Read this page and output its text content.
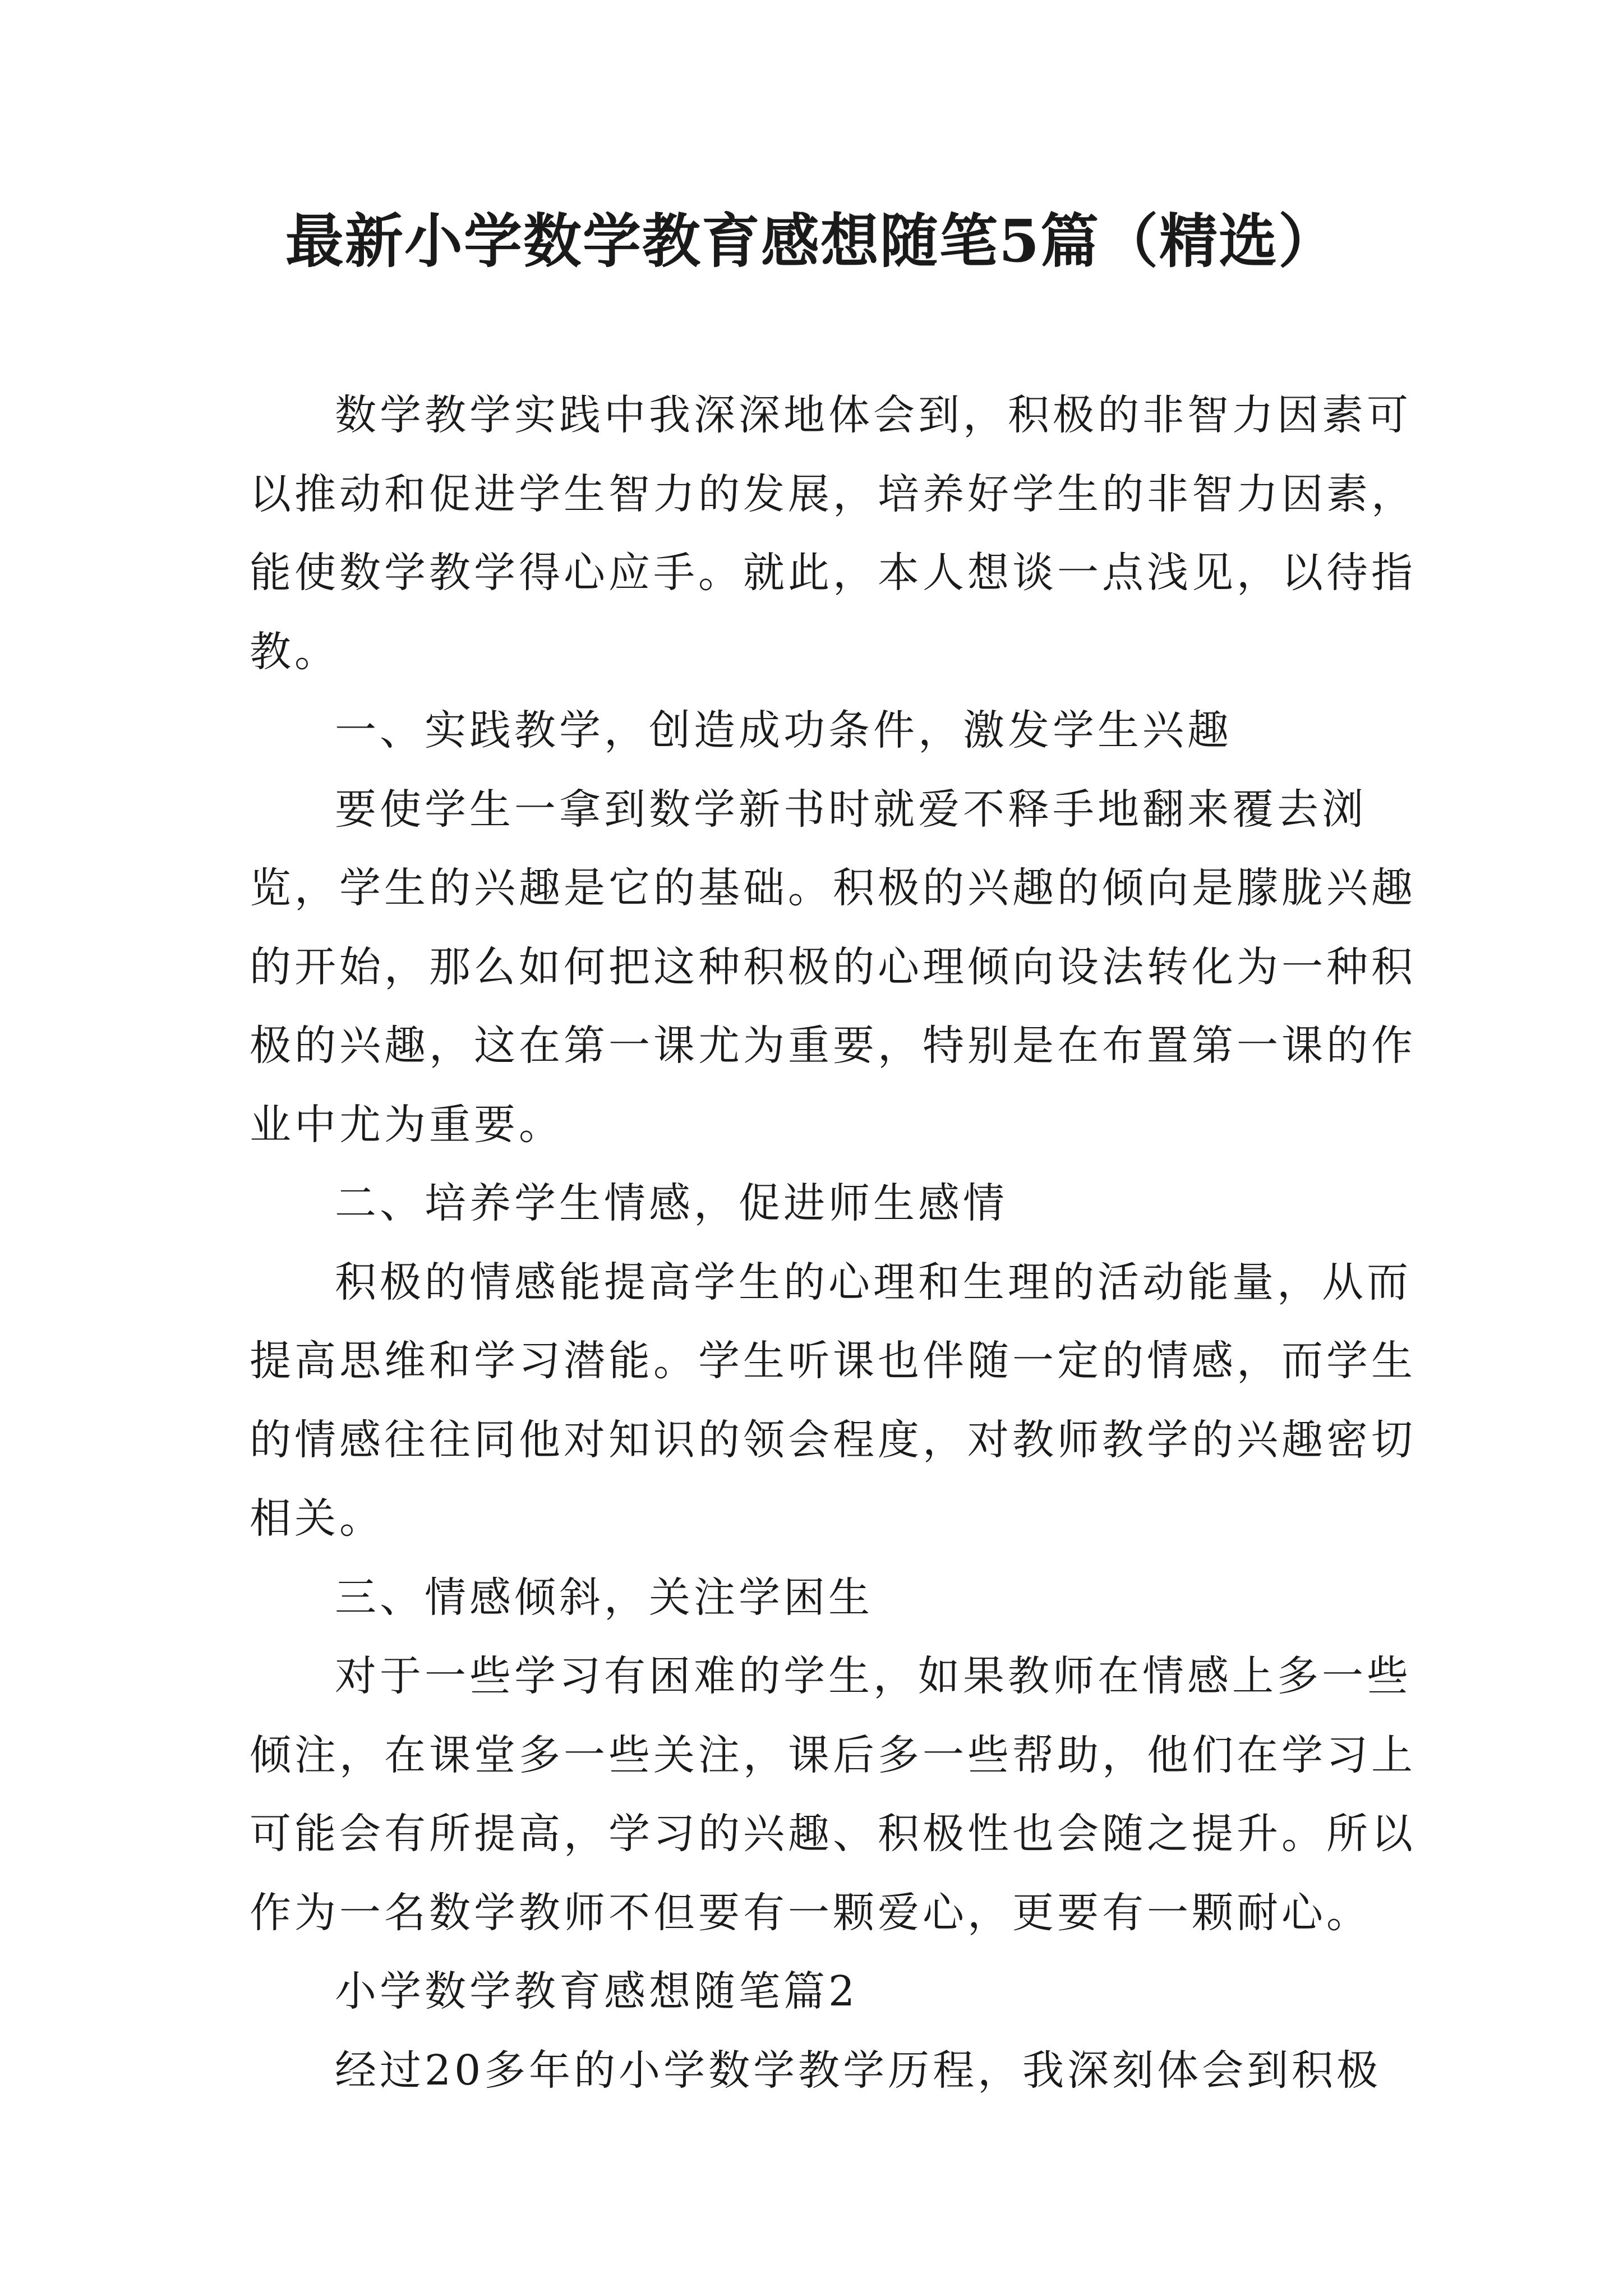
最新小学数学教育感想随笔5篇（精选）
数学教学实践中我深深地体会到，积极的非智力因素可
以推动和促进学生智力的发展，培养好学生的非智力因素，
能使数学教学得心应手。就此，本人想谈一点浅见，以待指
教。
一、实践教学，创造成功条件，激发学生兴趣
要使学生一拿到数学新书时就爱不释手地翻来覆去浏
览，学生的兴趣是它的基础。积极的兴趣的倾向是朦胧兴趣
的开始，那么如何把这种积极的心理倾向设法转化为一种积
极的兴趣，这在第一课尤为重要，特别是在布置第一课的作
业中尤为重要。
二、培养学生情感，促进师生感情
积极的情感能提高学生的心理和生理的活动能量，从而
提高思维和学习潜能。学生听课也伴随一定的情感，而学生
的情感往往同他对知识的领会程度，对教师教学的兴趣密切
相关。
三、情感倾斜，关注学困生
对于一些学习有困难的学生，如果教师在情感上多一些
倾注，在课堂多一些关注，课后多一些帮助，他们在学习上
可能会有所提高，学习的兴趣、积极性也会随之提升。所以
作为一名数学教师不但要有一颗爱心，更要有一颗耐心。
小学数学教育感想随笔篇2
经过20多年的小学数学教学历程，我深刻体会到积极
